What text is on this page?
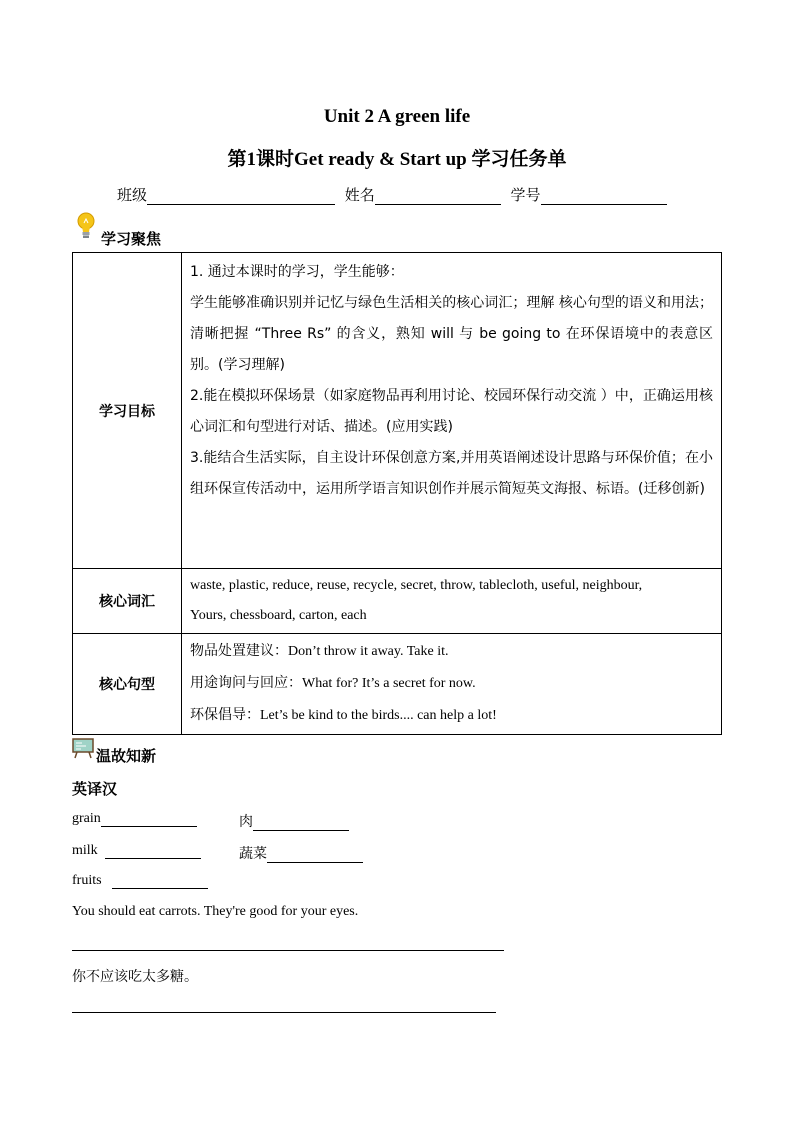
Unit 2 A green life
第1课时Get ready & Start up 学习任务单
班级	姓名	学号
学习聚焦
学习目标	1. 通过本课时的学习，学生能够：

学生能够准确识别并记忆与绿色生活相关的核心词汇；理解 核心句型的语义和用法；清晰把握 “Three Rs” 的含义，熟知 will 与 be going to 在环保语境中的表意区别。(学习理解)

2.能在模拟环保场景（如家庭物品再利用讨论、校园环保行动交流 ）中，正确运用核心词汇和句型进行对话、描述。(应用实践)

3.能结合生活实际，自主设计环保创意方案,并用英语阐述设计思路与环保价值；在小组环保宣传活动中，运用所学语言知识创作并展示简短英文海报、标语。(迁移创新)

核心词汇	waste, plastic, reduce, reuse, recycle, secret, throw, tablecloth, useful, neighbour,
Yours, chessboard, carton, each

核心句型	物品处置建议：Don’t throw it away. Take it.
用途询问与回应：What for? It’s a secret for now.
环保倡导：Let’s be kind to the birds.... can help a lot!
温故知新
英译汉
grain	肉
milk	蔬菜
fruits
You should eat carrots. They're good for your eyes.
你不应该吃太多糖。
